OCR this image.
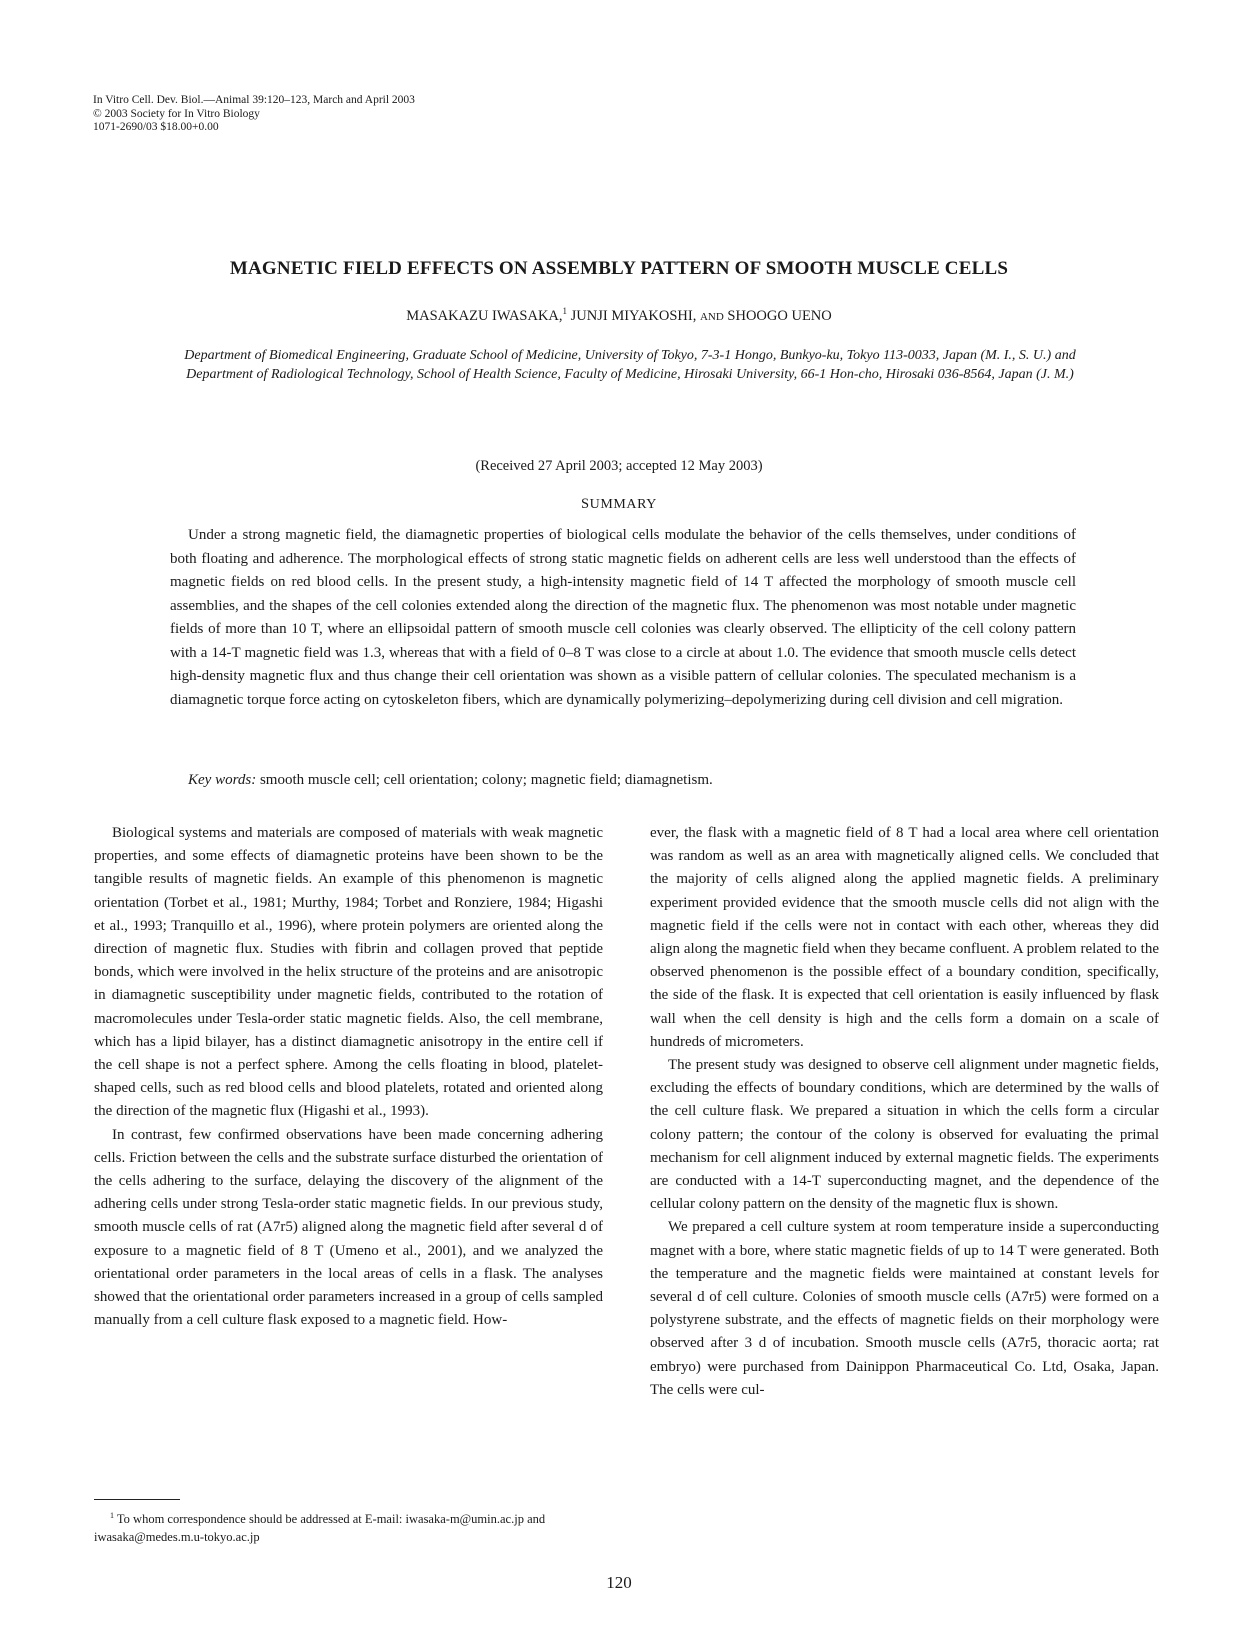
In Vitro Cell. Dev. Biol.—Animal 39:120–123, March and April 2003
© 2003 Society for In Vitro Biology
1071-2690/03 $18.00+0.00
MAGNETIC FIELD EFFECTS ON ASSEMBLY PATTERN OF SMOOTH MUSCLE CELLS
MASAKAZU IWASAKA,$^1$ JUNJI MIYAKOSHI, AND SHOOGO UENO
Department of Biomedical Engineering, Graduate School of Medicine, University of Tokyo, 7-3-1 Hongo, Bunkyo-ku, Tokyo 113-0033, Japan (M. I., S. U.) and Department of Radiological Technology, School of Health Science, Faculty of Medicine, Hirosaki University, 66-1 Hon-cho, Hirosaki 036-8564, Japan (J. M.)
(Received 27 April 2003; accepted 12 May 2003)
SUMMARY
Under a strong magnetic field, the diamagnetic properties of biological cells modulate the behavior of the cells themselves, under conditions of both floating and adherence. The morphological effects of strong static magnetic fields on adherent cells are less well understood than the effects of magnetic fields on red blood cells. In the present study, a high-intensity magnetic field of 14 T affected the morphology of smooth muscle cell assemblies, and the shapes of the cell colonies extended along the direction of the magnetic flux. The phenomenon was most notable under magnetic fields of more than 10 T, where an ellipsoidal pattern of smooth muscle cell colonies was clearly observed. The ellipticity of the cell colony pattern with a 14-T magnetic field was 1.3, whereas that with a field of 0–8 T was close to a circle at about 1.0. The evidence that smooth muscle cells detect high-density magnetic flux and thus change their cell orientation was shown as a visible pattern of cellular colonies. The speculated mechanism is a diamagnetic torque force acting on cytoskeleton fibers, which are dynamically polymerizing–depolymerizing during cell division and cell migration.
Key words: smooth muscle cell; cell orientation; colony; magnetic field; diamagnetism.

Biological systems and materials are composed of materials with weak magnetic properties, and some effects of diamagnetic proteins have been shown to be the tangible results of magnetic fields. An example of this phenomenon is magnetic orientation (Torbet et al., 1981; Murthy, 1984; Torbet and Ronziere, 1984; Higashi et al., 1993; Tranquillo et al., 1996), where protein polymers are oriented along the direction of magnetic flux. Studies with fibrin and collagen proved that peptide bonds, which were involved in the helix structure of the proteins and are anisotropic in diamagnetic susceptibility under magnetic fields, contributed to the rotation of macromolecules under Tesla-order static magnetic fields. Also, the cell membrane, which has a lipid bilayer, has a distinct diamagnetic anisotropy in the entire cell if the cell shape is not a perfect sphere. Among the cells floating in blood, platelet-shaped cells, such as red blood cells and blood platelets, rotated and oriented along the direction of the magnetic flux (Higashi et al., 1993).

In contrast, few confirmed observations have been made concerning adhering cells. Friction between the cells and the substrate surface disturbed the orientation of the cells adhering to the surface, delaying the discovery of the alignment of the adhering cells under strong Tesla-order static magnetic fields. In our previous study, smooth muscle cells of rat (A7r5) aligned along the magnetic field after several d of exposure to a magnetic field of 8 T (Umeno et al., 2001), and we analyzed the orientational order parameters in the local areas of cells in a flask. The analyses showed that the orientational order parameters increased in a group of cells sampled manually from a cell culture flask exposed to a magnetic field. How-

ever, the flask with a magnetic field of 8 T had a local area where cell orientation was random as well as an area with magnetically aligned cells. We concluded that the majority of cells aligned along the applied magnetic fields. A preliminary experiment provided evidence that the smooth muscle cells did not align with the magnetic field if the cells were not in contact with each other, whereas they did align along the magnetic field when they became confluent. A problem related to the observed phenomenon is the possible effect of a boundary condition, specifically, the side of the flask. It is expected that cell orientation is easily influenced by flask wall when the cell density is high and the cells form a domain on a scale of hundreds of micrometers.

The present study was designed to observe cell alignment under magnetic fields, excluding the effects of boundary conditions, which are determined by the walls of the cell culture flask. We prepared a situation in which the cells form a circular colony pattern; the contour of the colony is observed for evaluating the primal mechanism for cell alignment induced by external magnetic fields. The experiments are conducted with a 14-T superconducting magnet, and the dependence of the cellular colony pattern on the density of the magnetic flux is shown.

We prepared a cell culture system at room temperature inside a superconducting magnet with a bore, where static magnetic fields of up to 14 T were generated. Both the temperature and the magnetic fields were maintained at constant levels for several d of cell culture. Colonies of smooth muscle cells (A7r5) were formed on a polystyrene substrate, and the effects of magnetic fields on their morphology were observed after 3 d of incubation. Smooth muscle cells (A7r5, thoracic aorta; rat embryo) were purchased from Dainippon Pharmaceutical Co. Ltd, Osaka, Japan. The cells were cul-

$^1$ To whom correspondence should be addressed at E-mail: iwasaka-m@umin.ac.jp and iwasaka@medes.m.u-tokyo.ac.jp
120
